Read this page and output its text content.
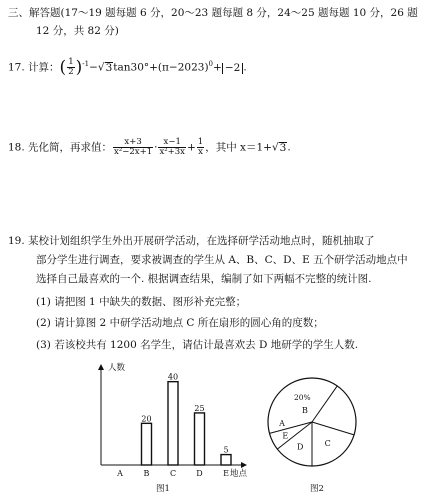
三、解答题(17～19 题每题 6 分，20～23 题每题 8 分，24～25 题每题 10 分，26 题
12 分，共 82 分)
17. 计算：( $\frac{1}{2} )^{-1}-√3\tan 30^\circ+(\pi-2023)^0+ -2$ .
18. 先化简，再求值： $\frac{x+3}{\text{x²−2x+1}} \cdot \frac{x-1}{\text{x²+3x}} + \frac{1}{x}$ ，其中 x＝1+√3.
19. 某校计划组织学生外出开展研学活动，在选择研学活动地点时，随机抽取了
部分学生进行调查，要求被调查的学生从 A、B、C、D、E 五个研学活动地点中
选择自己最喜欢的一个. 根据调查结果，编制了如下两幅不完整的统计图.
(1) 请把图 1 中缺失的数据、图形补充完整；
(2) 请计算图 2 中研学活动地点 C 所在扇形的圆心角的度数；
(3) 若该校共有 1200 名学生，请估计最喜欢去 D 地研学的学生人数.
人数
地点
A
20
B
40
C
25
D
5
E
图1
A
B
C
D
E
20%
图2
